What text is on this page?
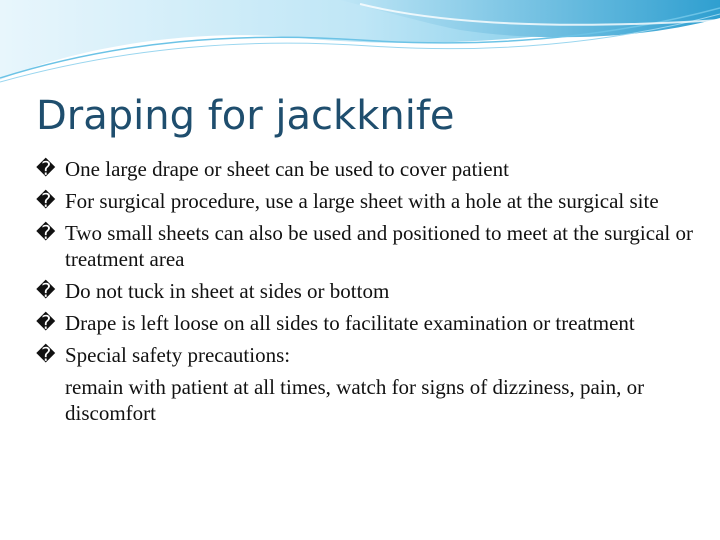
Draping for jackknife
� One large drape or sheet can be used to cover patient
� For surgical procedure, use a large sheet with a hole at the surgical site
� Two small sheets can also be used and positioned to meet at the surgical or treatment area
� Do not tuck in sheet at sides or bottom
� Drape is left loose on all sides to facilitate examination or treatment
� Special safety precautions:
remain with patient at all times, watch for signs of dizziness, pain, or discomfort
